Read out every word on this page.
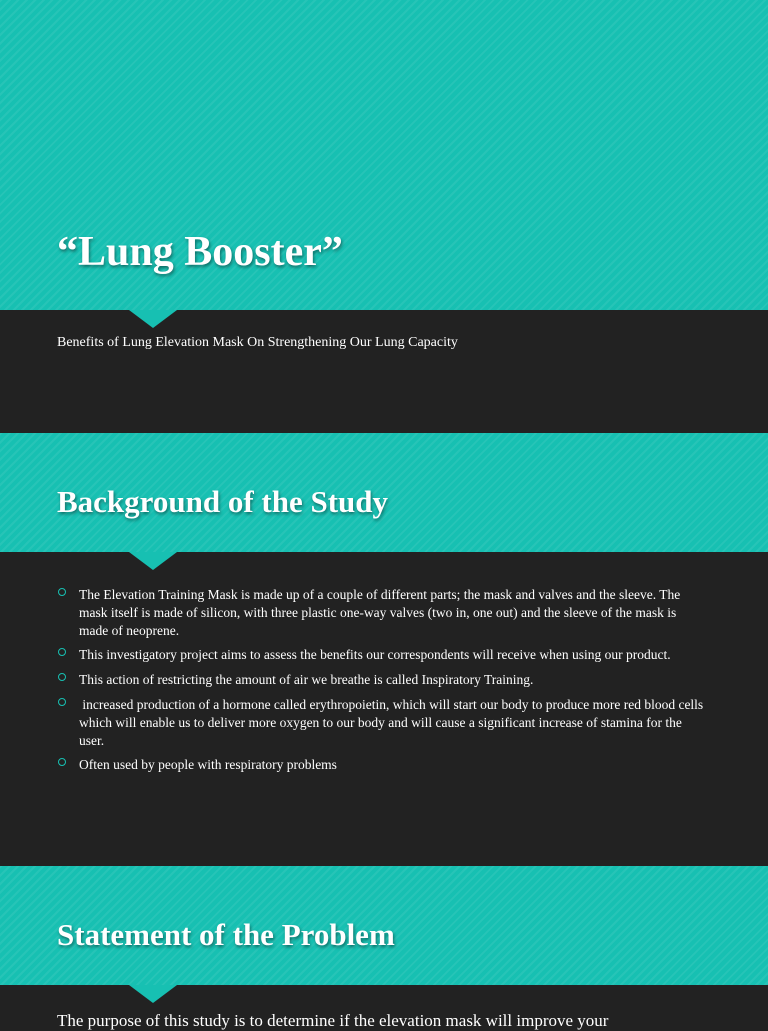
“Lung Booster”

Benefits of Lung Elevation Mask On Strengthening Our Lung Capacity

Background of the Study
The Elevation Training Mask is made up of a couple of different parts; the mask and valves and the sleeve. The mask itself is made of silicon, with three plastic one-way valves (two in, one out) and the sleeve of the mask is made of neoprene.
This investigatory project aims to assess the benefits our correspondents will receive when using our product.
This action of restricting the amount of air we breathe is called Inspiratory Training.
increased production of a hormone called erythropoietin, which will start our body to produce more red blood cells which will enable us to deliver more oxygen to our body and will cause a significant increase of stamina for the user.
Often used by people with respiratory problems
Statement of the Problem

The purpose of this study is to determine if the elevation mask will improve your
